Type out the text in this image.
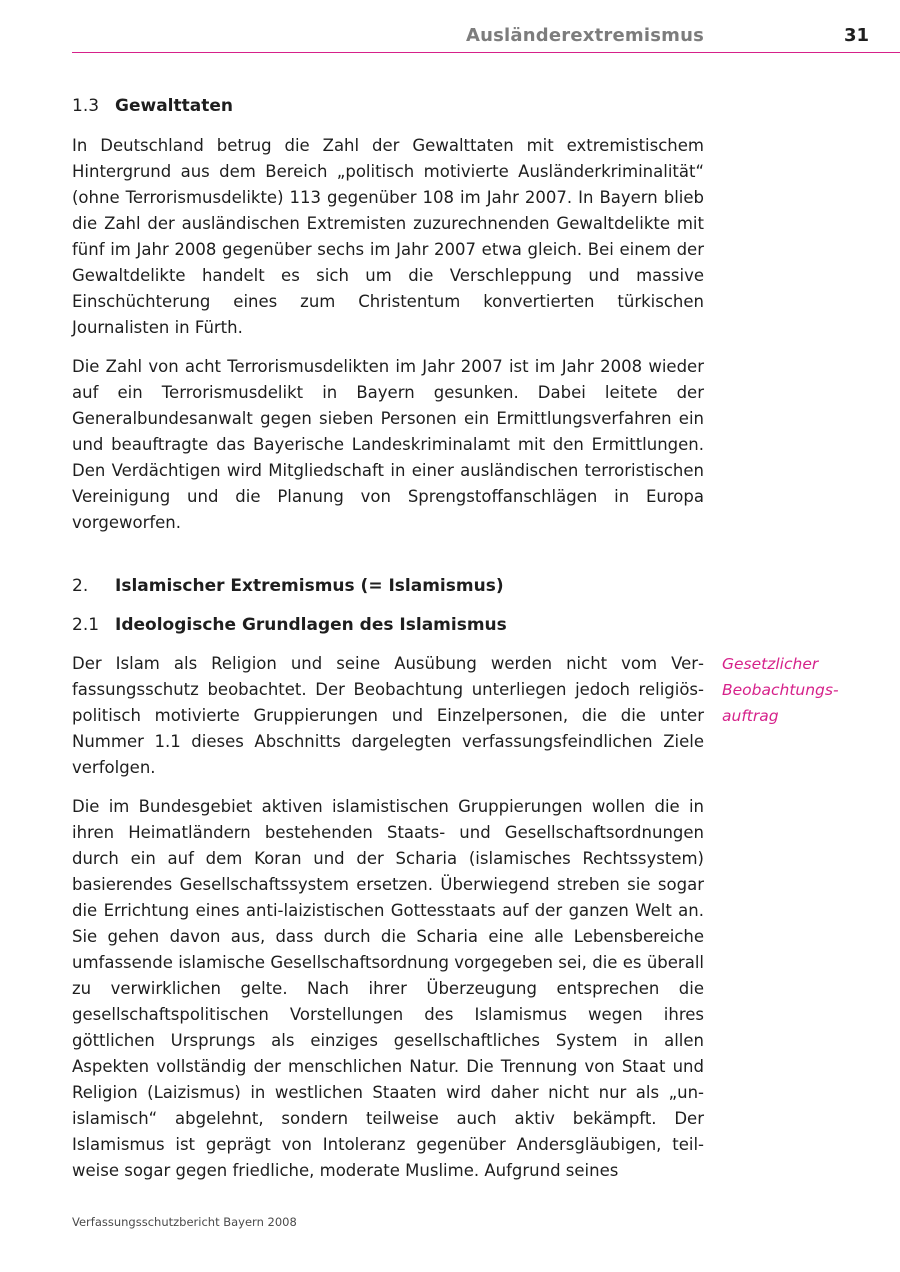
Ausländerextremismus	31
1.3 Gewalttaten

In Deutschland betrug die Zahl der Gewalttaten mit extremistischem Hintergrund aus dem Bereich „politisch motivierte Ausländerkriminalität“ (ohne Terrorismusdelikte) 113 gegenüber 108 im Jahr 2007. In Bayern blieb die Zahl der ausländischen Extremisten zuzurechnenden Gewaltdelikte mit fünf im Jahr 2008 gegenüber sechs im Jahr 2007 etwa gleich. Bei einem der Gewaltdelikte handelt es sich um die Verschleppung und massive Einschüchterung eines zum Christentum konvertierten türkischen Journalisten in Fürth.

Die Zahl von acht Terrorismusdelikten im Jahr 2007 ist im Jahr 2008 wieder auf ein Terrorismusdelikt in Bayern gesunken. Dabei leitete der Generalbundesanwalt gegen sieben Personen ein Ermittlungsverfahren ein und beauftragte das Bayerische Landeskriminalamt mit den Ermittlungen. Den Verdächtigen wird Mitgliedschaft in einer ausländischen terroristischen Vereinigung und die Planung von Sprengstoffanschlägen in Europa vorgeworfen.

2. Islamischer Extremismus (= Islamismus)
2.1 Ideologische Grundlagen des Islamismus

Der Islam als Religion und seine Ausübung werden nicht vom Verfassungsschutz beobachtet. Der Beobachtung unterliegen jedoch religiös-politisch motivierte Gruppierungen und Einzelpersonen, die die unter Nummer 1.1 dieses Abschnitts dargelegten verfassungsfeindlichen Ziele verfolgen.

Die im Bundesgebiet aktiven islamistischen Gruppierungen wollen die in ihren Heimatländern bestehenden Staats- und Gesellschaftsordnungen durch ein auf dem Koran und der Scharia (islamisches Rechtssystem) basierendes Gesellschaftssystem ersetzen. Überwiegend streben sie sogar die Errichtung eines anti-laizistischen Gottesstaats auf der ganzen Welt an. Sie gehen davon aus, dass durch die Scharia eine alle Lebensbereiche umfassende islamische Gesellschaftsordnung vorgegeben sei, die es überall zu verwirklichen gelte. Nach ihrer Überzeugung entsprechen die gesellschaftspolitischen Vorstellungen des Islamismus wegen ihres göttlichen Ursprungs als einziges gesellschaftliches System in allen Aspekten vollständig der menschlichen Natur. Die Trennung von Staat und Religion (Laizismus) in westlichen Staaten wird daher nicht nur als „un-islamisch“ abgelehnt, sondern teilweise auch aktiv bekämpft. Der Islamismus ist geprägt von Intoleranz gegenüber Andersgläubigen, teilweise sogar gegen friedliche, moderate Muslime. Aufgrund seines

Gesetzlicher
Beobachtungs-
auftrag
Verfassungsschutzbericht Bayern 2008
